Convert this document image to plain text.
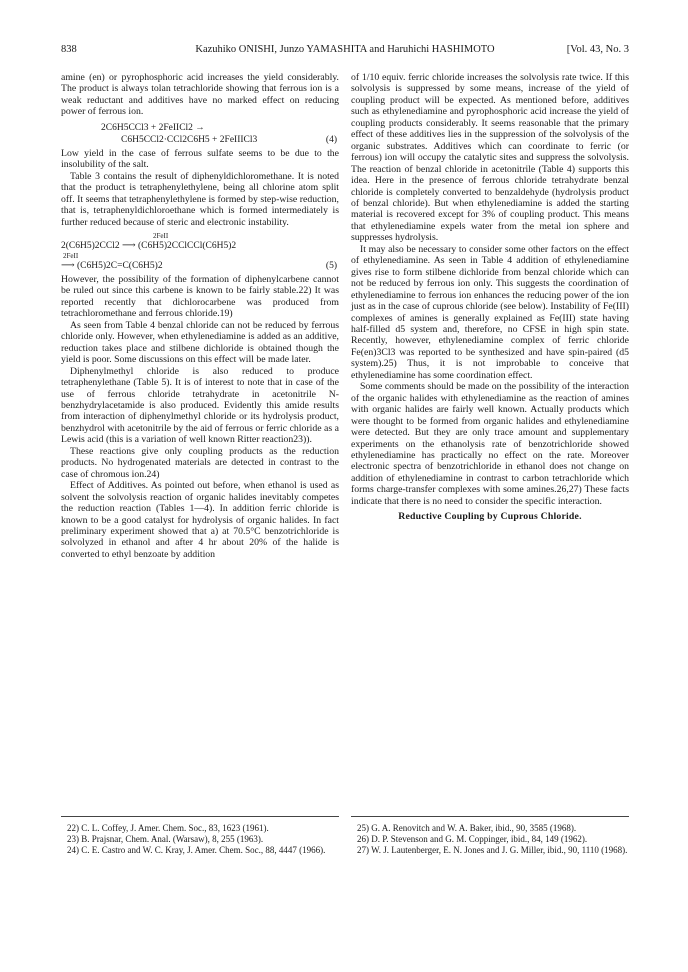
838	Kazuhiko ONISHI, Junzo YAMASHITA and Haruhichi HASHIMOTO	[Vol. 43, No. 3

amine (en) or pyrophosphoric acid increases the yield considerably. The product is always tolan tetrachloride showing that ferrous ion is a weak reductant and additives have no marked effect on reducing power of ferrous ion.

2C6H5CCl3 + 2FeIICl2 →
C6H5CCl2·CCl2C6H5 + 2FeIIICl3	(4)

Low yield in the case of ferrous sulfate seems to be due to the insolubility of the salt.

Table 3 contains the result of diphenyldichloromethane. It is noted that the product is tetraphenylethylene, being all chlorine atom split off. It seems that tetraphenylethylene is formed by step-wise reduction, that is, tetraphenyldichloroethane which is formed intermediately is further reduced because of steric and electronic instability.

2FeII
2(C6H5)2CCl2 ⟶ (C6H5)2CClCCl(C6H5)2
2FeII
⟶ (C6H5)2C=C(C6H5)2	(5)

However, the possibility of the formation of diphenylcarbene cannot be ruled out since this carbene is known to be fairly stable.22) It was reported recently that dichlorocarbene was produced from tetrachloromethane and ferrous chloride.19)

As seen from Table 4 benzal chloride can not be reduced by ferrous chloride only. However, when ethylenediamine is added as an additive, reduction takes place and stilbene dichloride is obtained though the yield is poor. Some discussions on this effect will be made later.

Diphenylmethyl chloride is also reduced to produce tetraphenylethane (Table 5). It is of interest to note that in case of the use of ferrous chloride tetrahydrate in acetonitrile N-benzhydrylacetamide is also produced. Evidently this amide results from interaction of diphenylmethyl chloride or its hydrolysis product, benzhydrol with acetonitrile by the aid of ferrous or ferric chloride as a Lewis acid (this is a variation of well known Ritter reaction23)).

These reactions give only coupling products as the reduction products. No hydrogenated materials are detected in contrast to the case of chromous ion.24)

Effect of Additives. As pointed out before, when ethanol is used as solvent the solvolysis reaction of organic halides inevitably competes the reduction reaction (Tables 1—4). In addition ferric chloride is known to be a good catalyst for hydrolysis of organic halides. In fact preliminary experiment showed that a) at 70.5°C benzotrichloride is solvolyzed in ethanol and after 4 hr about 20% of the halide is converted to ethyl benzoate by addition

of 1/10 equiv. ferric chloride increases the solvolysis rate twice. If this solvolysis is suppressed by some means, increase of the yield of coupling product will be expected. As mentioned before, additives such as ethylenediamine and pyrophosphoric acid increase the yield of coupling products considerably. It seems reasonable that the primary effect of these additives lies in the suppression of the solvolysis of the organic substrates. Additives which can coordinate to ferric (or ferrous) ion will occupy the catalytic sites and suppress the solvolysis. The reaction of benzal chloride in acetonitrile (Table 4) supports this idea. Here in the presence of ferrous chloride tetrahydrate benzal chloride is completely converted to benzaldehyde (hydrolysis product of benzal chloride). But when ethylenediamine is added the starting material is recovered except for 3% of coupling product. This means that ethylenediamine expels water from the metal ion sphere and suppresses hydrolysis.

It may also be necessary to consider some other factors on the effect of ethylenediamine. As seen in Table 4 addition of ethylenediamine gives rise to form stilbene dichloride from benzal chloride which can not be reduced by ferrous ion only. This suggests the coordination of ethylenediamine to ferrous ion enhances the reducing power of the ion just as in the case of cuprous chloride (see below). Instability of Fe(III) complexes of amines is generally explained as Fe(III) state having half-filled d5 system and, therefore, no CFSE in high spin state. Recently, however, ethylenediamine complex of ferric chloride Fe(en)3Cl3 was reported to be synthesized and have spin-paired (d5 system).25) Thus, it is not improbable to conceive that ethylenediamine has some coordination effect.

Some comments should be made on the possibility of the interaction of the organic halides with ethylenediamine as the reaction of amines with organic halides are fairly well known. Actually products which were thought to be formed from organic halides and ethylenediamine were detected. But they are only trace amount and supplementary experiments on the ethanolysis rate of benzotrichloride showed ethylenediamine has practically no effect on the rate. Moreover electronic spectra of benzotrichloride in ethanol does not change on addition of ethylenediamine in contrast to carbon tetrachloride which forms charge-transfer complexes with some amines.26,27) These facts indicate that there is no need to consider the specific interaction.

Reductive Coupling by Cuprous Chloride.
22) C. L. Coffey, J. Amer. Chem. Soc., 83, 1623 (1961).
23) B. Prajsnar, Chem. Anal. (Warsaw), 8, 255 (1963).
24) C. E. Castro and W. C. Kray, J. Amer. Chem. Soc., 88, 4447 (1966).
25) G. A. Renovitch and W. A. Baker, ibid., 90, 3585 (1968).
26) D. P. Stevenson and G. M. Coppinger, ibid., 84, 149 (1962).
27) W. J. Lautenberger, E. N. Jones and J. G. Miller, ibid., 90, 1110 (1968).
